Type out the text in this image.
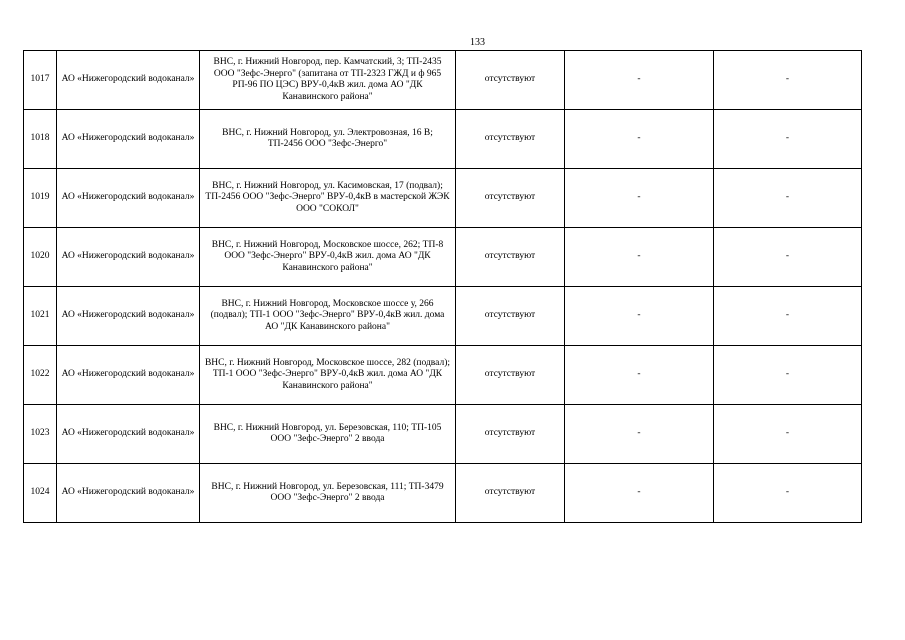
133
1017	АО «Нижегородский водоканал»	ВНС, г. Нижний Новгород, пер. Камчатский, 3; ТП-2435 ООО "Зефс-Энерго" (запитана от ТП-2323 ГЖД и ф 965 РП-96 ПО ЦЭС) ВРУ-0,4кВ жил. дома АО "ДК Канавинского района"	отсутствуют	-	-
1018	АО «Нижегородский водоканал»	ВНС, г. Нижний Новгород, ул. Электровозная, 16 В; ТП-2456 ООО "Зефс-Энерго"	отсутствуют	-	-
1019	АО «Нижегородский водоканал»	ВНС, г. Нижний Новгород, ул. Касимовская, 17 (подвал); ТП-2456 ООО "Зефс-Энерго" ВРУ-0,4кВ в мастерской ЖЭК ООО "СОКОЛ"	отсутствуют	-	-
1020	АО «Нижегородский водоканал»	ВНС, г. Нижний Новгород, Московское шоссе, 262; ТП-8 ООО "Зефс-Энерго" ВРУ-0,4кВ жил. дома АО "ДК Канавинского района"	отсутствуют	-	-
1021	АО «Нижегородский водоканал»	ВНС, г. Нижний Новгород, Московское шоссе у, 266 (подвал); ТП-1 ООО "Зефс-Энерго" ВРУ-0,4кВ жил. дома АО "ДК Канавинского района"	отсутствуют	-	-
1022	АО «Нижегородский водоканал»	ВНС, г. Нижний Новгород, Московское шоссе, 282 (подвал); ТП-1 ООО "Зефс-Энерго" ВРУ-0,4кВ жил. дома АО "ДК Канавинского района"	отсутствуют	-	-
1023	АО «Нижегородский водоканал»	ВНС, г. Нижний Новгород, ул. Березовская, 110; ТП-105 ООО "Зефс-Энерго" 2 ввода	отсутствуют	-	-
1024	АО «Нижегородский водоканал»	ВНС, г. Нижний Новгород, ул. Березовская, 111; ТП-3479 ООО "Зефс-Энерго" 2 ввода	отсутствуют	-	-
